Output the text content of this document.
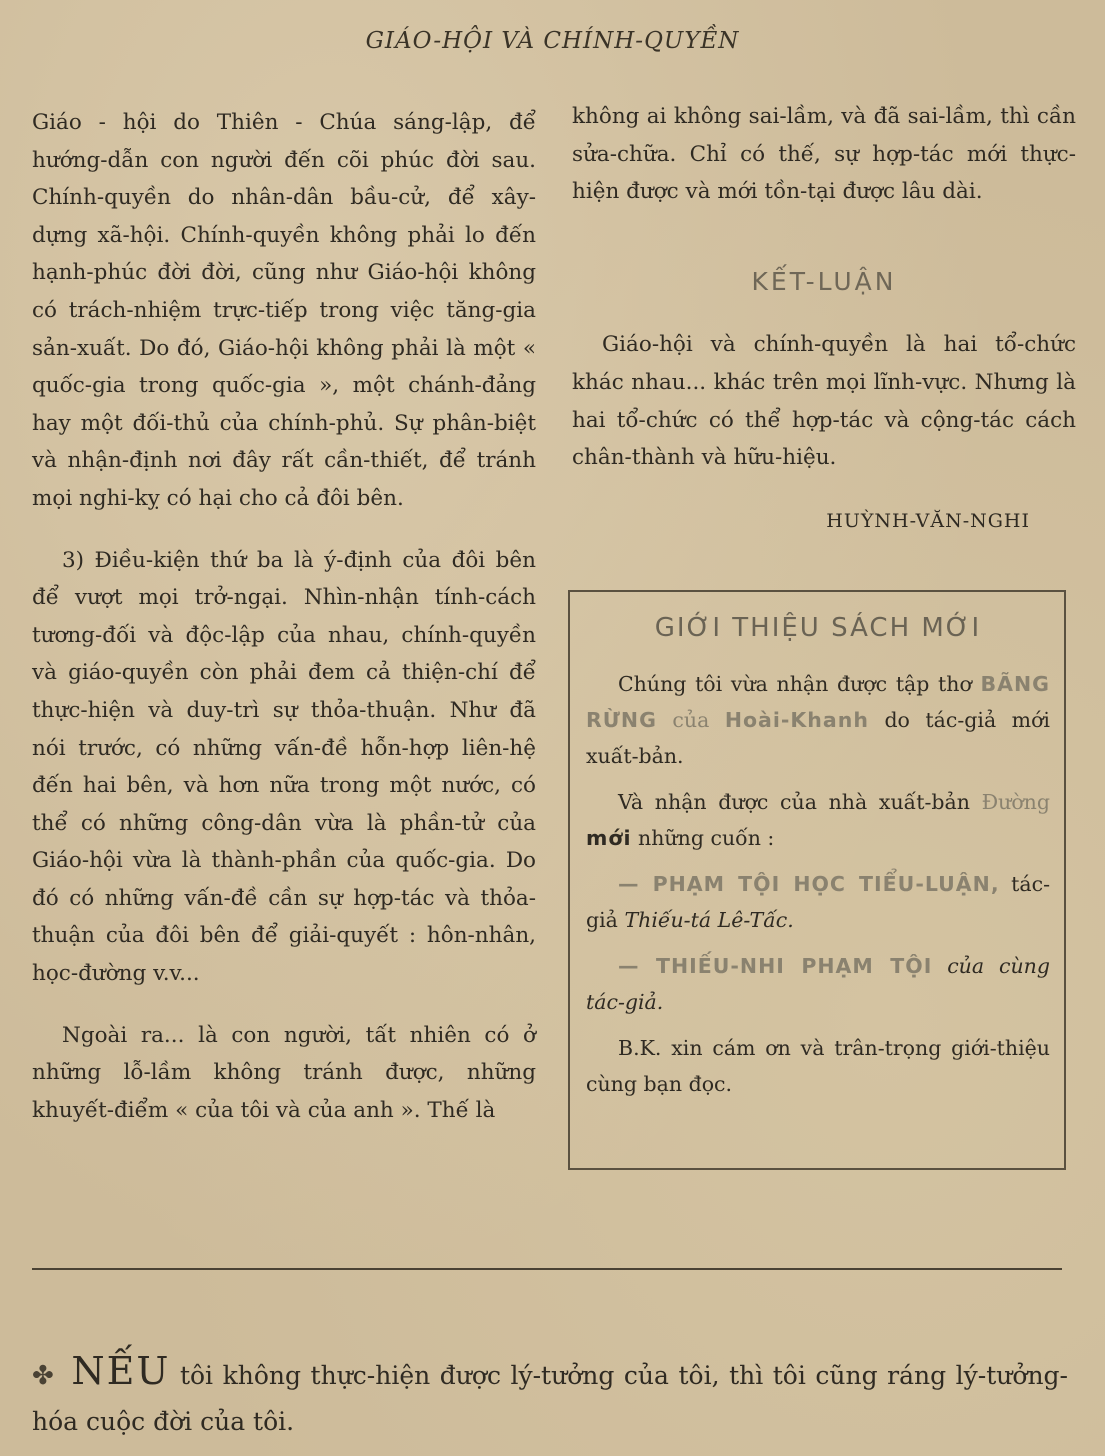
GIÁO-HỘI VÀ CHÍNH-QUYỀN

Giáo - hội do Thiên - Chúa sáng-lập, để hướng-dẫn con người đến cõi phúc đời sau. Chính-quyền do nhân-dân bầu-cử, để xây-dựng xã-hội. Chính-quyền không phải lo đến hạnh-phúc đời đời, cũng như Giáo-hội không có trách-nhiệm trực-tiếp trong việc tăng-gia sản-xuất. Do đó, Giáo-hội không phải là một « quốc-gia trong quốc-gia », một chánh-đảng hay một đối-thủ của chính-phủ. Sự phân-biệt và nhận-định nơi đây rất cần-thiết, để tránh mọi nghi-kỵ có hại cho cả đôi bên.

3) Điều-kiện thứ ba là ý-định của đôi bên để vượt mọi trở-ngại. Nhìn-nhận tính-cách tương-đối và độc-lập của nhau, chính-quyền và giáo-quyền còn phải đem cả thiện-chí để thực-hiện và duy-trì sự thỏa-thuận. Như đã nói trước, có những vấn-đề hỗn-hợp liên-hệ đến hai bên, và hơn nữa trong một nước, có thể có những công-dân vừa là phần-tử của Giáo-hội vừa là thành-phần của quốc-gia. Do đó có những vấn-đề cần sự hợp-tác và thỏa-thuận của đôi bên để giải-quyết : hôn-nhân, học-đường v.v...

Ngoài ra... là con người, tất nhiên có ở những lỗ-lầm không tránh được, những khuyết-điểm « của tôi và của anh ». Thế là

không ai không sai-lầm, và đã sai-lầm, thì cần sửa-chữa. Chỉ có thế, sự hợp-tác mới thực-hiện được và mới tồn-tại được lâu dài.

KẾT-LUẬN

Giáo-hội và chính-quyền là hai tổ-chức khác nhau... khác trên mọi lĩnh-vực. Nhưng là hai tổ-chức có thể hợp-tác và cộng-tác cách chân-thành và hữu-hiệu.

HUỲNH-VĂN-NGHI
GIỚI THIỆU SÁCH MỚI

Chúng tôi vừa nhận được tập thơ BÃNG RỪNG của Hoài-Khanh do tác-giả mới xuất-bản.

Và nhận được của nhà xuất-bản Đường mới những cuốn :

— PHẠM TỘI HỌC TIỂU-LUẬN, tác-giả Thiếu-tá Lê-Tấc.

— THIẾU-NHI PHẠM TỘI của cùng tác-giả.

B.K. xin cám ơn và trân-trọng giới-thiệu cùng bạn đọc.

✤ NẾU tôi không thực-hiện được lý-tưởng của tôi, thì tôi cũng ráng lý-tưởng-hóa cuộc đời của tôi.
